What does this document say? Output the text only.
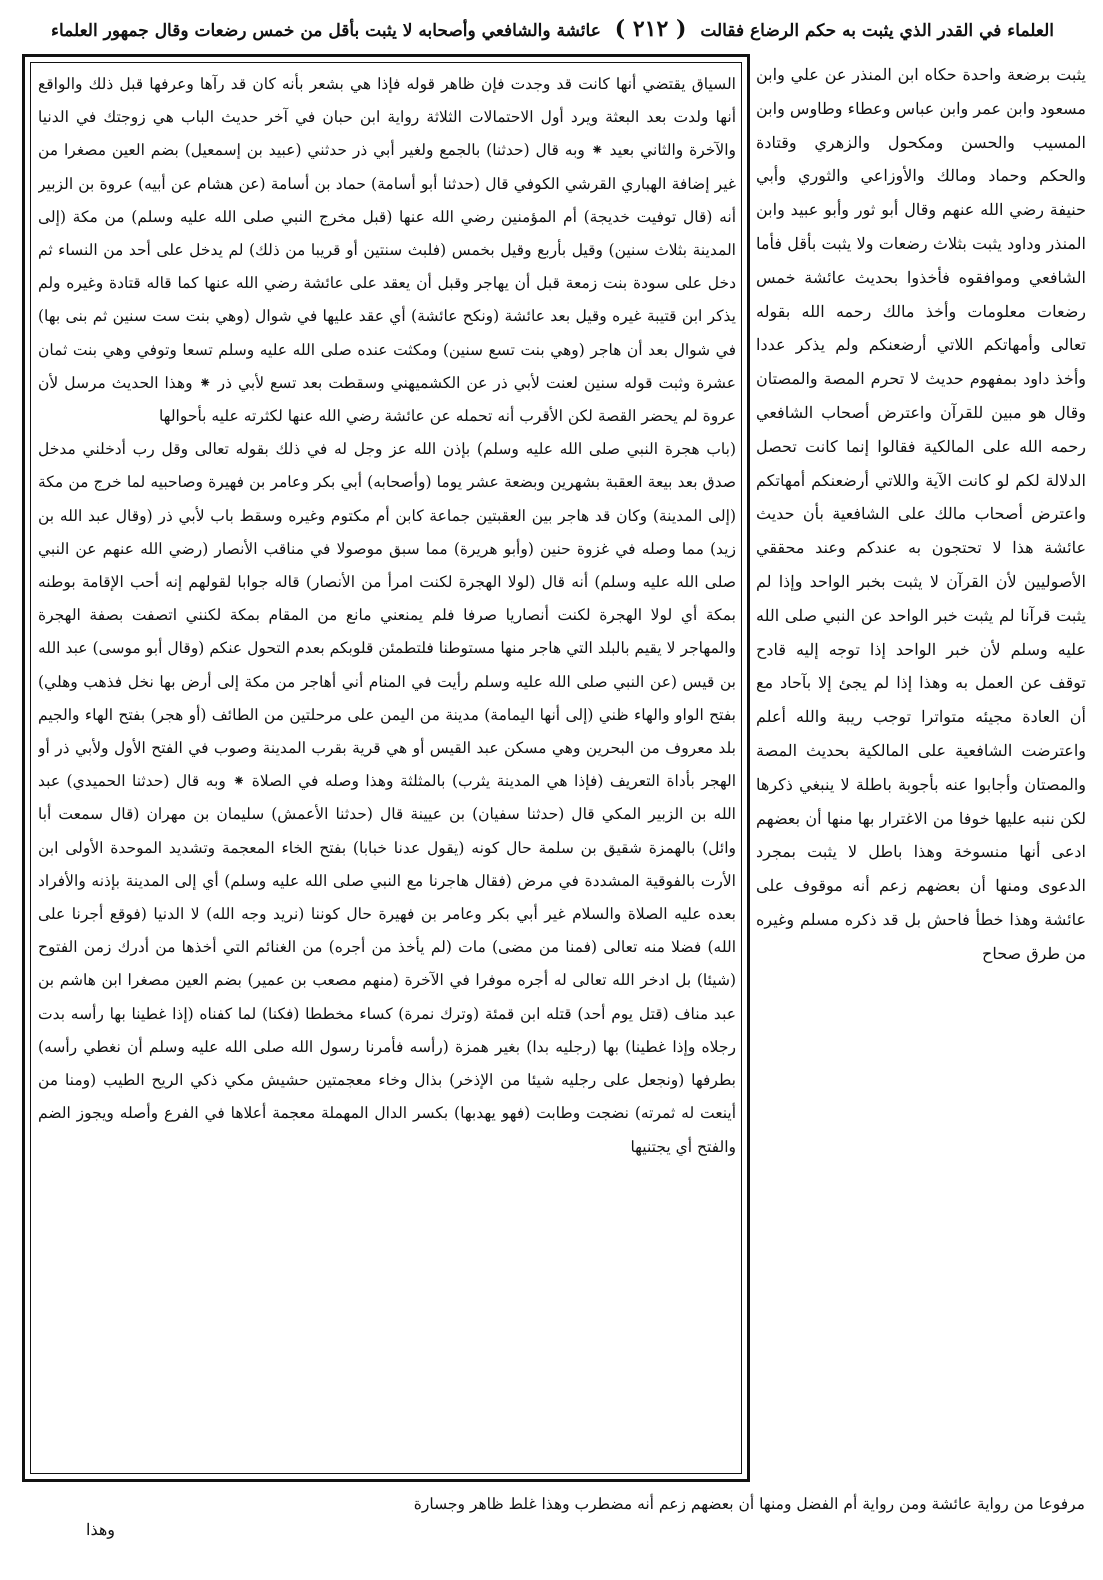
العلماء في القدر الذي يثبت به حكم الرضاع فقالت ( ٢١٢ ) عائشة والشافعي وأصحابه لا يثبت بأقل من خمس رضعات وقال جمهور العلماء

السياق يقتضي أنها كانت قد وجدت فإن ظاهر قوله فإذا هي بشعر بأنه كان قد رآها وعرفها قبل ذلك والواقع أنها ولدت بعد البعثة ويرد أول الاحتمالات الثلاثة رواية ابن حبان في آخر حديث الباب هي زوجتك في الدنيا والآخرة والثاني بعيد ⁕ وبه قال (حدثنا) بالجمع ولغير أبي ذر حدثني (عبيد بن إسمعيل) بضم العين مصغرا من غير إضافة الهباري القرشي الكوفي قال (حدثنا أبو أسامة) حماد بن أسامة (عن هشام عن أبيه) عروة بن الزبير أنه (قال توفيت خديجة) أم المؤمنين رضي الله عنها (قبل مخرج النبي صلى الله عليه وسلم) من مكة (إلى المدينة بثلاث سنين) وقيل بأربع وقيل بخمس (فلبث سنتين أو قريبا من ذلك) لم يدخل على أحد من النساء ثم دخل على سودة بنت زمعة قبل أن يهاجر وقبل أن يعقد على عائشة رضي الله عنها كما قاله قتادة وغيره ولم يذكر ابن قتيبة غيره وقيل بعد عائشة (ونكح عائشة) أي عقد عليها في شوال (وهي بنت ست سنين ثم بنى بها) في شوال بعد أن هاجر (وهي بنت تسع سنين) ومكثت عنده صلى الله عليه وسلم تسعا وتوفي وهي بنت ثمان عشرة وثبت قوله سنين لعنت لأبي ذر عن الكشميهني وسقطت بعد تسع لأبي ذر ⁕ وهذا الحديث مرسل لأن عروة لم يحضر القصة لكن الأقرب أنه تحمله عن عائشة رضي الله عنها لكثرته عليه بأحوالها

(باب هجرة النبي صلى الله عليه وسلم) بإذن الله عز وجل له في ذلك بقوله تعالى وقل رب أدخلني مدخل صدق بعد بيعة العقبة بشهرين وبضعة عشر يوما (وأصحابه) أبي بكر وعامر بن فهيرة وصاحبيه لما خرج من مكة (إلى المدينة) وكان قد هاجر بين العقبتين جماعة كابن أم مكتوم وغيره وسقط باب لأبي ذر (وقال عبد الله بن زيد) مما وصله في غزوة حنين (وأبو هريرة) مما سبق موصولا في مناقب الأنصار (رضي الله عنهم عن النبي صلى الله عليه وسلم) أنه قال (لولا الهجرة لكنت امرأ من الأنصار) قاله جوابا لقولهم إنه أحب الإقامة بوطنه بمكة أي لولا الهجرة لكنت أنصاريا صرفا فلم يمنعني مانع من المقام بمكة لكنني اتصفت بصفة الهجرة والمهاجر لا يقيم بالبلد التي هاجر منها مستوطنا فلتطمئن قلوبكم بعدم التحول عنكم (وقال أبو موسى) عبد الله بن قيس (عن النبي صلى الله عليه وسلم رأيت في المنام أني أهاجر من مكة إلى أرض بها نخل فذهب وهلي) بفتح الواو والهاء ظني (إلى أنها اليمامة) مدينة من اليمن على مرحلتين من الطائف (أو هجر) بفتح الهاء والجيم بلد معروف من البحرين وهي مسكن عبد القيس أو هي قرية بقرب المدينة وصوب في الفتح الأول ولأبي ذر أو الهجر بأداة التعريف (فإذا هي المدينة يثرب) بالمثلثة وهذا وصله في الصلاة ⁕ وبه قال (حدثنا الحميدي) عبد الله بن الزبير المكي قال (حدثنا سفيان) بن عيينة قال (حدثنا الأعمش) سليمان بن مهران (قال سمعت أبا وائل) بالهمزة شقيق بن سلمة حال كونه (يقول عدنا خبابا) بفتح الخاء المعجمة وتشديد الموحدة الأولى ابن الأرت بالفوقية المشددة في مرض (فقال هاجرنا مع النبي صلى الله عليه وسلم) أي إلى المدينة بإذنه والأفراد بعده عليه الصلاة والسلام غير أبي بكر وعامر بن فهيرة حال كوننا (نريد وجه الله) لا الدنيا (فوقع أجرنا على الله) فضلا منه تعالى (فمنا من مضى) مات (لم يأخذ من أجره) من الغنائم التي أخذها من أدرك زمن الفتوح (شيئا) بل ادخر الله تعالى له أجره موفرا في الآخرة (منهم مصعب بن عمير) بضم العين مصغرا ابن هاشم بن عبد مناف (قتل يوم أحد) قتله ابن قمئة (وترك نمرة) كساء مخططا (فكنا) لما كفناه (إذا غطينا بها رأسه بدت رجلاه وإذا غطينا) بها (رجليه بدا) بغير همزة (رأسه فأمرنا رسول الله صلى الله عليه وسلم أن نغطي رأسه) بطرفها (ونجعل على رجليه شيئا من الإذخر) بذال وخاء معجمتين حشيش مكي ذكي الريح الطيب (ومنا من أينعت له ثمرته) نضجت وطابت (فهو يهدبها) بكسر الدال المهملة معجمة أعلاها في الفرع وأصله ويجوز الضم والفتح أي يجتنيها

يثبت برضعة واحدة حكاه ابن المنذر عن علي وابن مسعود وابن عمر وابن عباس وعطاء وطاوس وابن المسيب والحسن ومكحول والزهري وقتادة والحكم وحماد ومالك والأوزاعي والثوري وأبي حنيفة رضي الله عنهم وقال أبو ثور وأبو عبيد وابن المنذر وداود يثبت بثلاث رضعات ولا يثبت بأقل فأما الشافعي وموافقوه فأخذوا بحديث عائشة خمس رضعات معلومات وأخذ مالك رحمه الله بقوله تعالى وأمهاتكم اللاتي أرضعنكم ولم يذكر عددا وأخذ داود بمفهوم حديث لا تحرم المصة والمصتان وقال هو مبين للقرآن واعترض أصحاب الشافعي رحمه الله على المالكية فقالوا إنما كانت تحصل الدلالة لكم لو كانت الآية واللاتي أرضعنكم أمهاتكم واعترض أصحاب مالك على الشافعية بأن حديث عائشة هذا لا تحتجون به عندكم وعند محققي الأصوليين لأن القرآن لا يثبت بخبر الواحد وإذا لم يثبت قرآنا لم يثبت خبر الواحد عن النبي صلى الله عليه وسلم لأن خبر الواحد إذا توجه إليه قادح توقف عن العمل به وهذا إذا لم يجئ إلا بآحاد مع أن العادة مجيئه متواترا توجب ريبة والله أعلم واعترضت الشافعية على المالكية بحديث المصة والمصتان وأجابوا عنه بأجوبة باطلة لا ينبغي ذكرها لكن ننبه عليها خوفا من الاغترار بها منها أن بعضهم ادعى أنها منسوخة وهذا باطل لا يثبت بمجرد الدعوى ومنها أن بعضهم زعم أنه موقوف على عائشة وهذا خطأ فاحش بل قد ذكره مسلم وغيره من طرق صحاح

مرفوعا من رواية عائشة ومن رواية أم الفضل ومنها أن بعضهم زعم أنه مضطرب وهذا غلط ظاهر وجسارة

وهذا
